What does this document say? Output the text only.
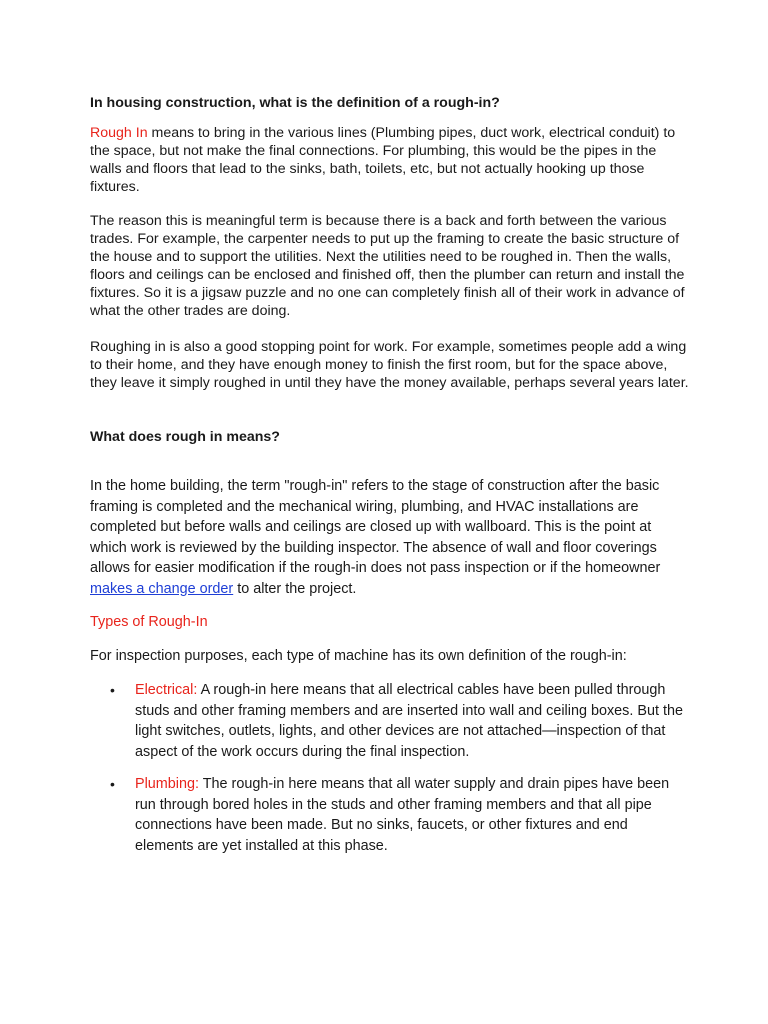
In housing construction, what is the definition of a rough-in?

Rough In means to bring in the various lines (Plumbing pipes, duct work, electrical conduit) to the space, but not make the final connections. For plumbing, this would be the pipes in the walls and floors that lead to the sinks, bath, toilets, etc, but not actually hooking up those fixtures.

The reason this is meaningful term is because there is a back and forth between the various trades. For example, the carpenter needs to put up the framing to create the basic structure of the house and to support the utilities. Next the utilities need to be roughed in. Then the walls, floors and ceilings can be enclosed and finished off, then the plumber can return and install the fixtures. So it is a jigsaw puzzle and no one can completely finish all of their work in advance of what the other trades are doing.

Roughing in is also a good stopping point for work. For example, sometimes people add a wing to their home, and they have enough money to finish the first room, but for the space above, they leave it simply roughed in until they have the money available, perhaps several years later.

What does rough in means?

In the home building, the term "rough-in" refers to the stage of construction after the basic framing is completed and the mechanical wiring, plumbing, and HVAC installations are completed but before walls and ceilings are closed up with wallboard. This is the point at which work is reviewed by the building inspector. The absence of wall and floor coverings allows for easier modification if the rough-in does not pass inspection or if the homeowner makes a change order to alter the project.

Types of Rough-In

For inspection purposes, each type of machine has its own definition of the rough-in:

•	Electrical: A rough-in here means that all electrical cables have been pulled through studs and other framing members and are inserted into wall and ceiling boxes. But the light switches, outlets, lights, and other devices are not attached—inspection of that aspect of the work occurs during the final inspection.
•	Plumbing: The rough-in here means that all water supply and drain pipes have been run through bored holes in the studs and other framing members and that all pipe connections have been made. But no sinks, faucets, or other fixtures and end elements are yet installed at this phase.
